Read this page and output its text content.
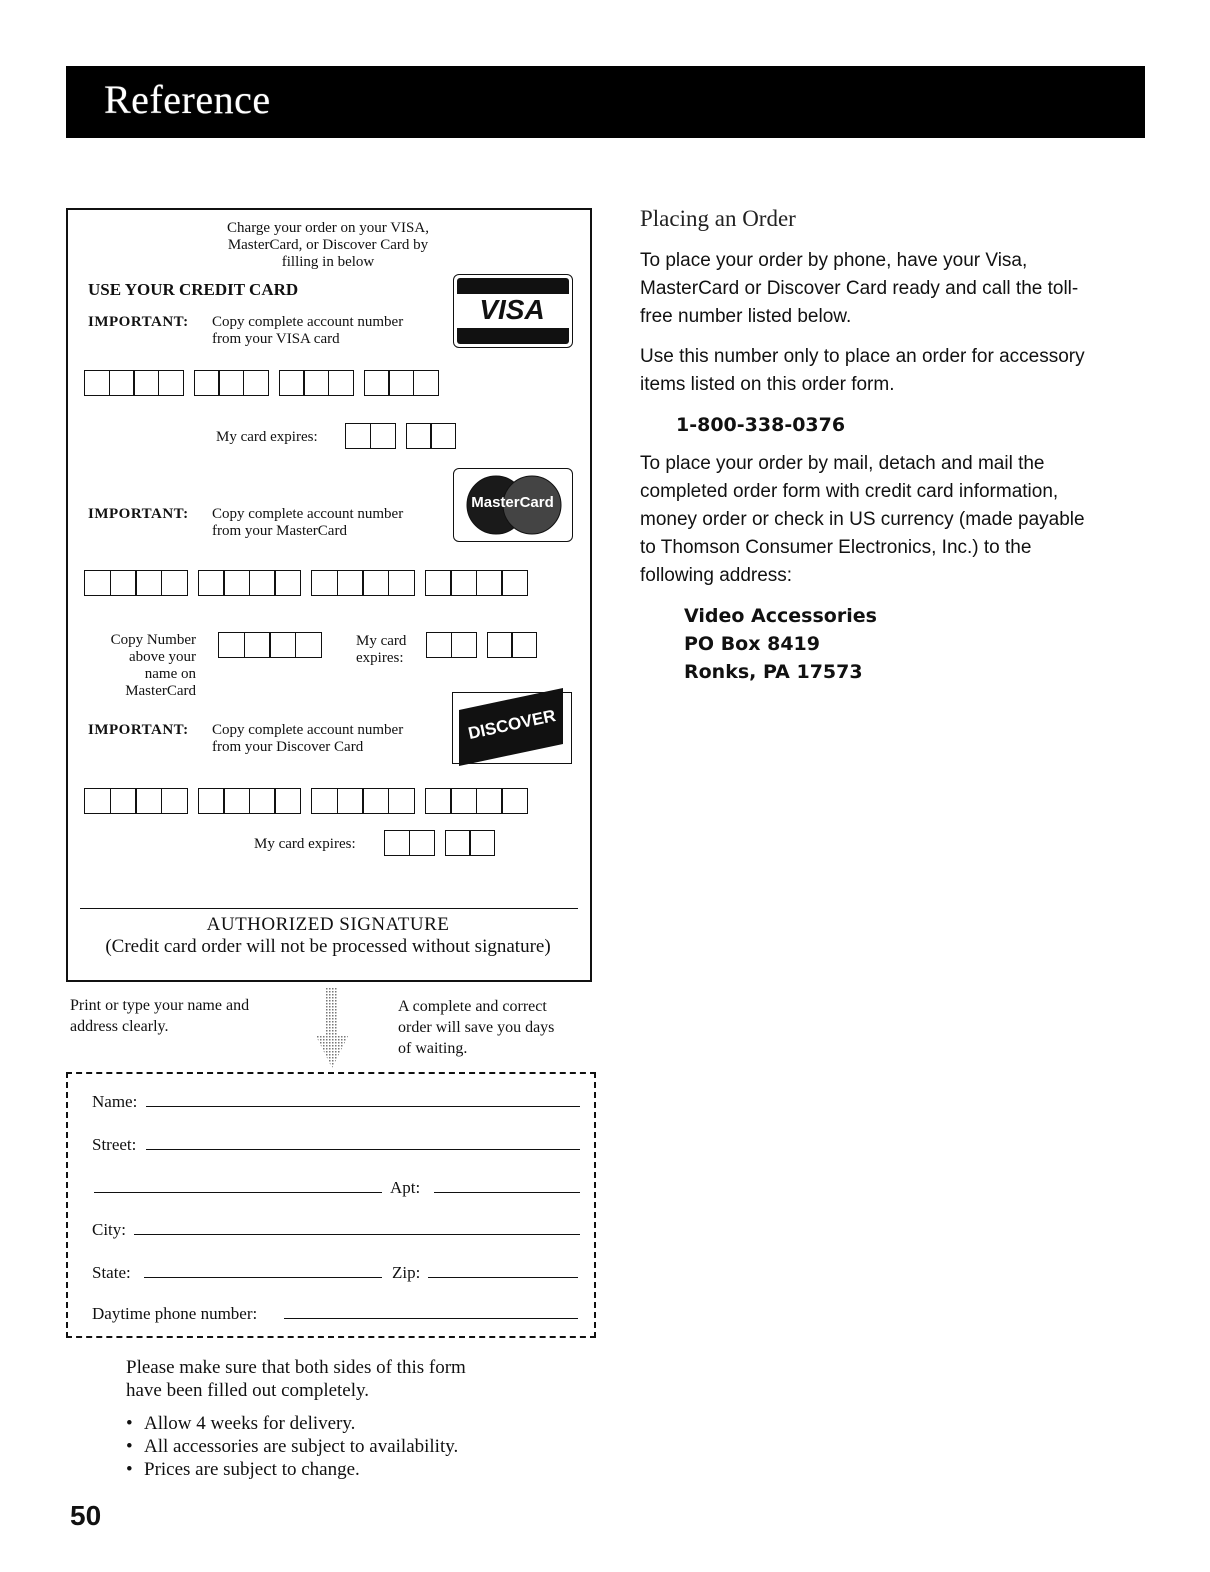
Reference
Charge your order on your VISA,
MasterCard, or Discover Card by
filling in below
USE YOUR CREDIT CARD
IMPORTANT: Copy complete account number
from your VISA card
VISA
My card expires:
IMPORTANT: Copy complete account number
from your MasterCard
MasterCard
Copy Number
above your
name on
MasterCard
My card
expires:
IMPORTANT: Copy complete account number
from your Discover Card
DISCOVER
My card expires:
AUTHORIZED SIGNATURE
(Credit card order will not be processed without signature)
Print or type your name and
address clearly.
A complete and correct
order will save you days
of waiting.
Name:
Street:
Apt:
City:
State:	Zip:
Daytime phone number:
Please make sure that both sides of this form
have been filled out completely.
• Allow 4 weeks for delivery.
• All accessories are subject to availability.
• Prices are subject to change.
50
Placing an Order
To place your order by phone, have your Visa,
MasterCard or Discover Card ready and call the toll-
free number listed below.
Use this number only to place an order for accessory
items listed on this order form.
1-800-338-0376
To place your order by mail, detach and mail the
completed order form with credit card information,
money order or check in US currency (made payable
to Thomson Consumer Electronics, Inc.) to the
following address:
Video Accessories
PO Box 8419
Ronks, PA 17573
